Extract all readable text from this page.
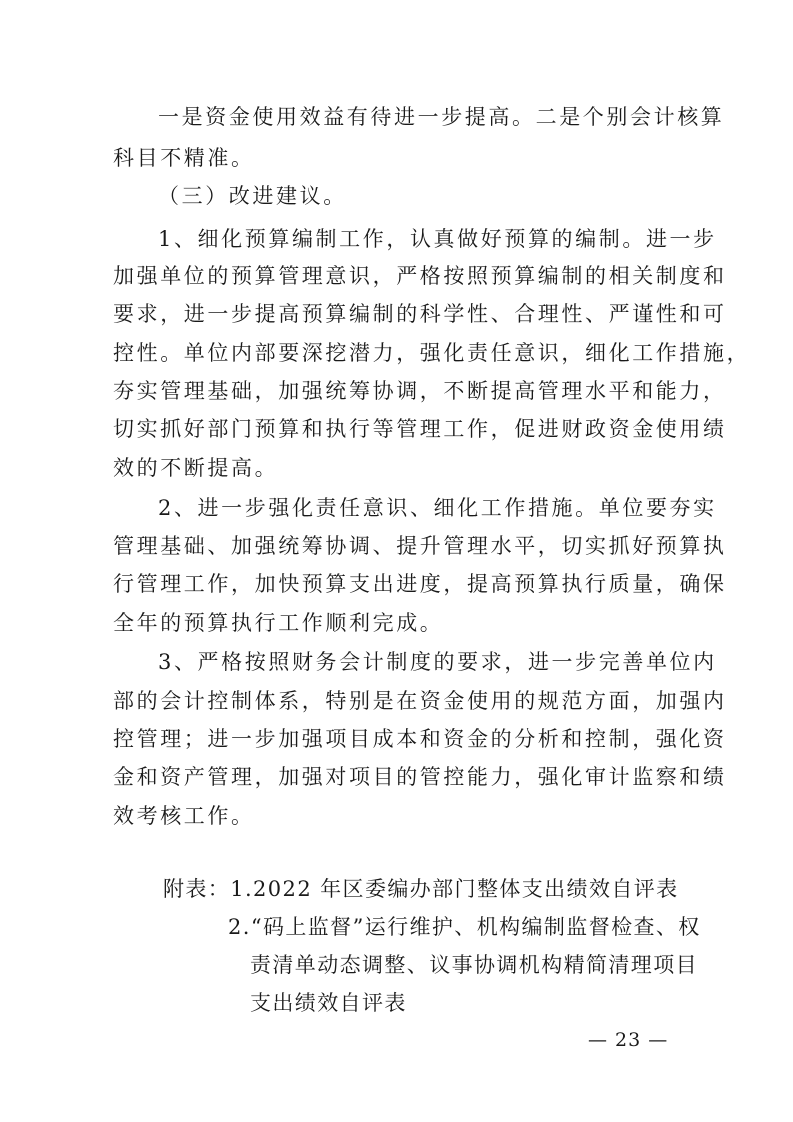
一是资金使用效益有待进一步提高。二是个别会计核算
科目不精准。
（三）改进建议。
1、细化预算编制工作，认真做好预算的编制。进一步
加强单位的预算管理意识，严格按照预算编制的相关制度和
要求，进一步提高预算编制的科学性、合理性、严谨性和可
控性。单位内部要深挖潜力，强化责任意识，细化工作措施，
夯实管理基础，加强统筹协调，不断提高管理水平和能力，
切实抓好部门预算和执行等管理工作，促进财政资金使用绩
效的不断提高。
2、进一步强化责任意识、细化工作措施。单位要夯实
管理基础、加强统筹协调、提升管理水平，切实抓好预算执
行管理工作，加快预算支出进度，提高预算执行质量，确保
全年的预算执行工作顺利完成。
3、严格按照财务会计制度的要求，进一步完善单位内
部的会计控制体系，特别是在资金使用的规范方面，加强内
控管理；进一步加强项目成本和资金的分析和控制，强化资
金和资产管理，加强对项目的管控能力，强化审计监察和绩
效考核工作。
附表：1.2022 年区委编办部门整体支出绩效自评表
2.“码上监督”运行维护、机构编制监督检查、权
责清单动态调整、议事协调机构精简清理项目
支出绩效自评表
— 23 —
